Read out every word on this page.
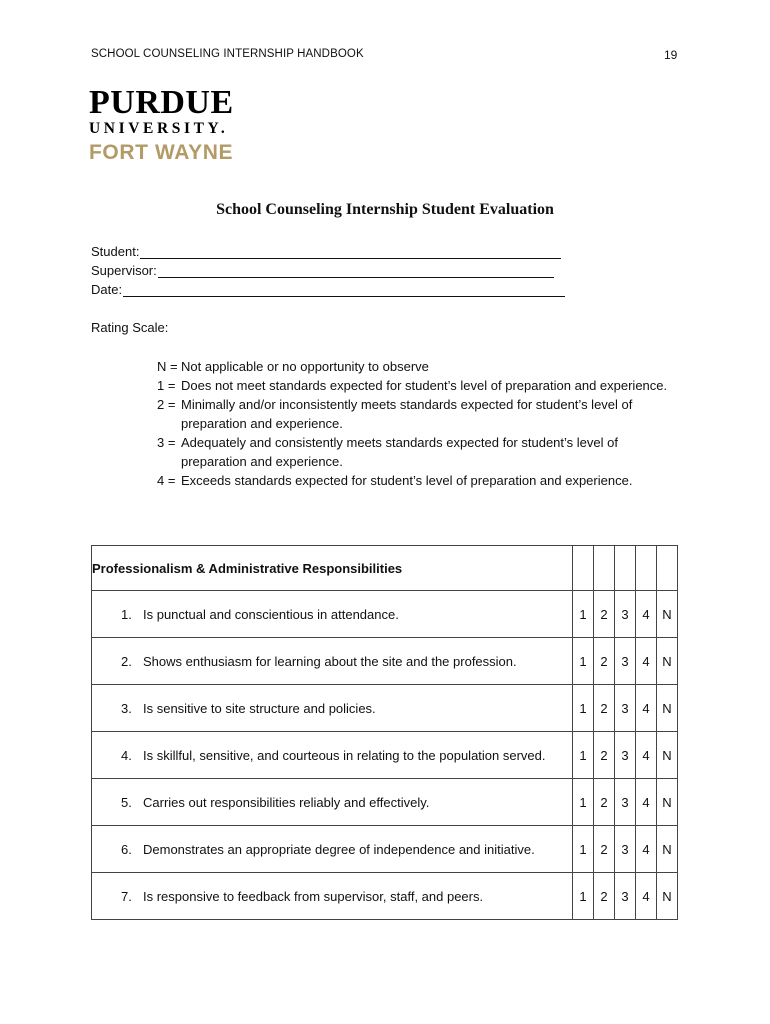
SCHOOL COUNSELING INTERNSHIP HANDBOOK	19
PURDUE
UNIVERSITY.
FORT WAYNE
School Counseling Internship Student Evaluation
Student:
Supervisor:
Date:
Rating Scale:
N = Not applicable or no opportunity to observe
1 = Does not meet standards expected for student’s level of preparation and experience.
2 = Minimally and/or inconsistently meets standards expected for student’s level of preparation and experience.
3 = Adequately and consistently meets standards expected for student’s level of preparation and experience.
4 = Exceeds standards expected for student’s level of preparation and experience.
Professionalism & Administrative Responsibilities					

1. Is punctual and conscientious in attendance.	1	2	3	4	N

2. Shows enthusiasm for learning about the site and the profession.	1	2	3	4	N

3. Is sensitive to site structure and policies.	1	2	3	4	N

4. Is skillful, sensitive, and courteous in relating to the population served.	1	2	3	4	N

5. Carries out responsibilities reliably and effectively.	1	2	3	4	N

6. Demonstrates an appropriate degree of independence and initiative.	1	2	3	4	N

7. Is responsive to feedback from supervisor, staff, and peers.	1	2	3	4	N
